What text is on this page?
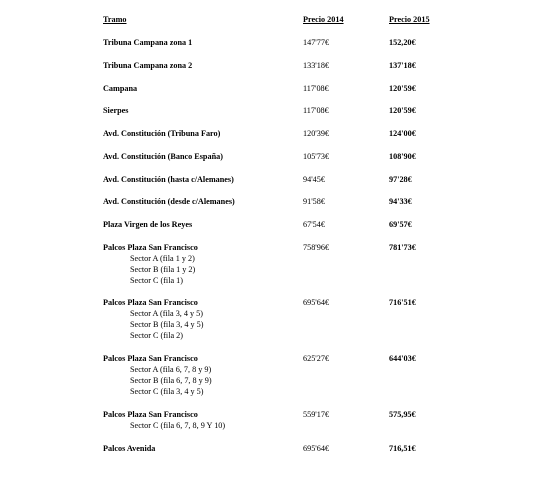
Tramo	Precio 2014	Precio 2015
Tribuna Campana zona 1	147'77€	152,20€
Tribuna Campana zona 2	133'18€	137'18€
Campana	117'08€	120'59€
Sierpes	117'08€	120'59€
Avd. Constitución (Tribuna Faro)	120'39€	124'00€
Avd. Constitución (Banco España)	105'73€	108'90€
Avd. Constitución (hasta c/Alemanes)	94'45€	97'28€
Avd. Constitución (desde c/Alemanes)	91'58€	94'33€
Plaza Virgen de los Reyes	67'54€	69'57€
Palcos Plaza San Francisco	758'96€	781'73€
Sector A (fila 1 y 2)
Sector B (fila 1 y 2)
Sector C (fila 1)
Palcos Plaza San Francisco	695'64€	716'51€
Sector A (fila 3, 4 y 5)
Sector B (fila 3, 4 y 5)
Sector C (fila 2)
Palcos Plaza San Francisco	625'27€	644'03€
Sector A (fila 6, 7, 8 y 9)
Sector B (fila 6, 7, 8 y 9)
Sector C (fila 3, 4 y 5)
Palcos Plaza San Francisco	559'17€	575,95€
Sector C (fila 6, 7, 8, 9 Y 10)
Palcos Avenida	695'64€	716,51€
